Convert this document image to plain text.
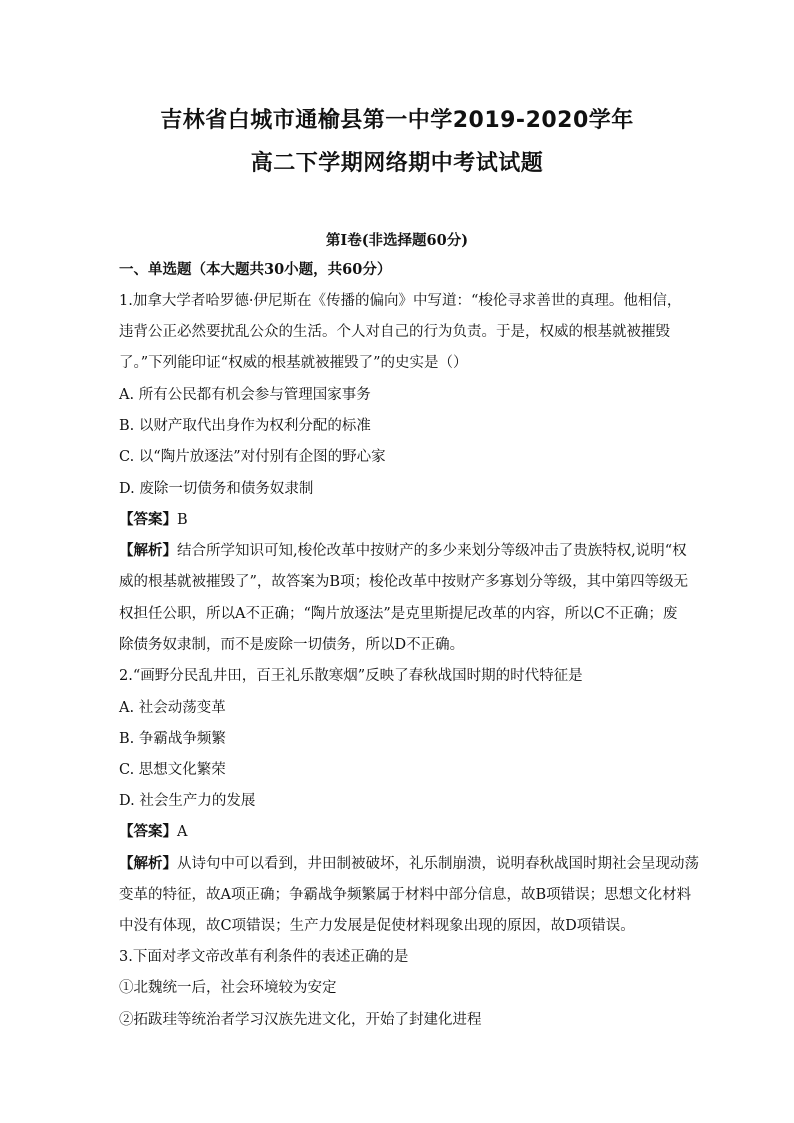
吉林省白城市通榆县第一中学2019-2020学年
高二下学期网络期中考试试题
第Ⅰ卷(非选择题60分)
一、单选题（本大题共30小题，共60分）
1.加拿大学者哈罗德·伊尼斯在《传播的偏向》中写道：“梭伦寻求善世的真理。他相信，
违背公正必然要扰乱公众的生活。个人对自己的行为负责。于是，权威的根基就被摧毁
了。”下列能印证“权威的根基就被摧毁了”的史实是（）
A. 所有公民都有机会参与管理国家事务
B. 以财产取代出身作为权利分配的标准
C. 以“陶片放逐法”对付别有企图的野心家
D. 废除一切债务和债务奴隶制
【答案】B
【解析】结合所学知识可知,梭伦改革中按财产的多少来划分等级冲击了贵族特权,说明“权
威的根基就被摧毁了”，故答案为B项；梭伦改革中按财产多寡划分等级，其中第四等级无
权担任公职，所以A不正确；“陶片放逐法”是克里斯提尼改革的内容，所以C不正确；废
除债务奴隶制，而不是废除一切债务，所以D不正确。
2.“画野分民乱井田，百王礼乐散寒烟”反映了春秋战国时期的时代特征是
A. 社会动荡变革
B. 争霸战争频繁
C. 思想文化繁荣
D. 社会生产力的发展
【答案】A
【解析】从诗句中可以看到，井田制被破坏，礼乐制崩溃，说明春秋战国时期社会呈现动荡
变革的特征，故A项正确；争霸战争频繁属于材料中部分信息，故B项错误；思想文化材料
中没有体现，故C项错误；生产力发展是促使材料现象出现的原因，故D项错误。
3.下面对孝文帝改革有利条件的表述正确的是
①北魏统一后，社会环境较为安定
②拓跋珪等统治者学习汉族先进文化，开始了封建化进程
